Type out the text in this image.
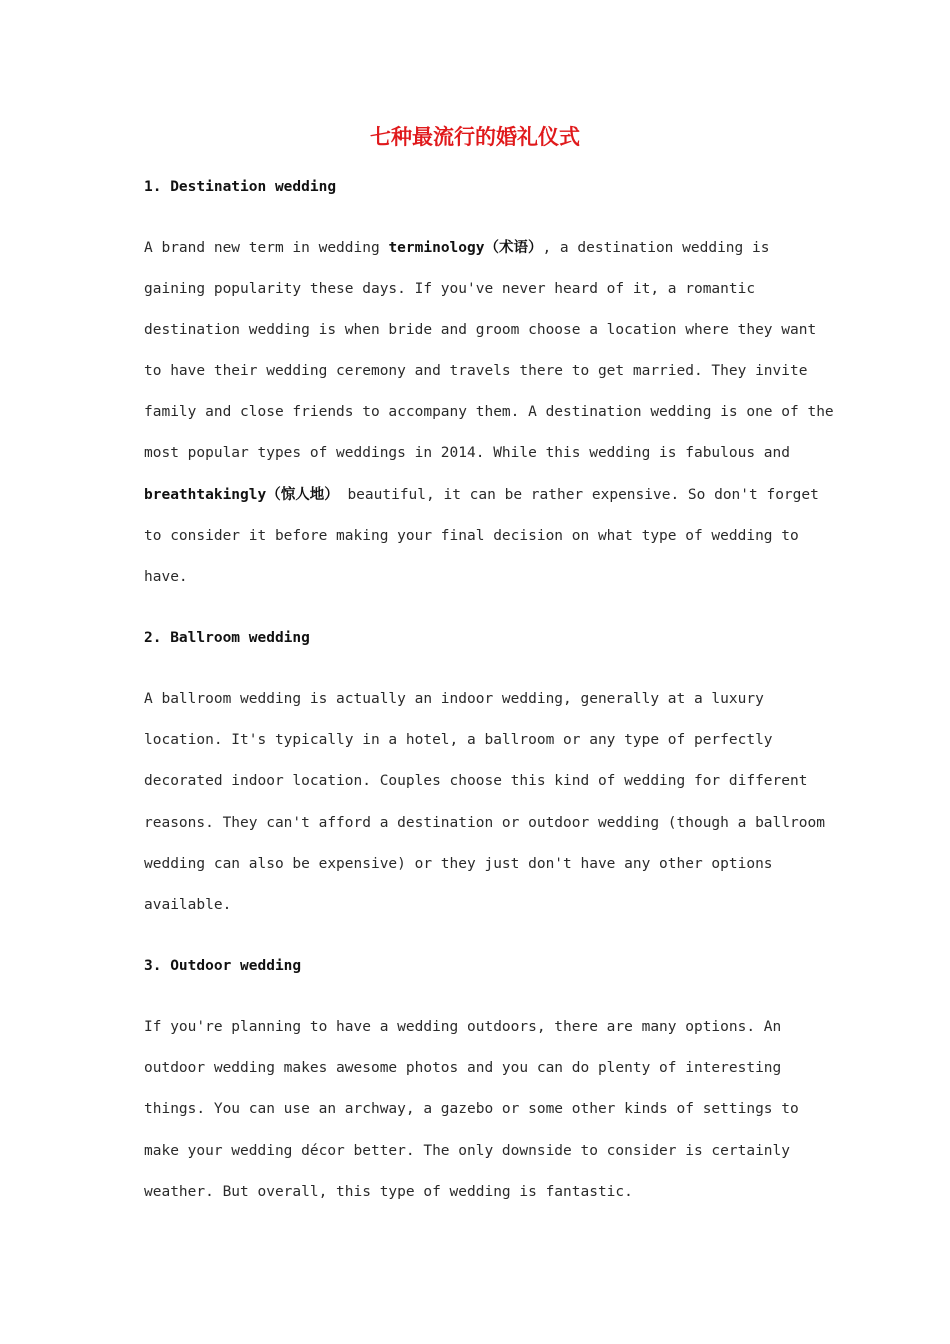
七种最流行的婚礼仪式
1. Destination wedding
A brand new term in wedding terminology（术语）, a destination wedding is
gaining popularity these days. If you've never heard of it, a romantic
destination wedding is when bride and groom choose a location where they want
to have their wedding ceremony and travels there to get married. They invite
family and close friends to accompany them. A destination wedding is one of the
most popular types of weddings in 2014. While this wedding is fabulous and
breathtakingly（惊人地） beautiful, it can be rather expensive. So don't forget
to consider it before making your final decision on what type of wedding to
have.
2. Ballroom wedding
A ballroom wedding is actually an indoor wedding, generally at a luxury
location. It's typically in a hotel, a ballroom or any type of perfectly
decorated indoor location. Couples choose this kind of wedding for different
reasons. They can't afford a destination or outdoor wedding (though a ballroom
wedding can also be expensive) or they just don't have any other options
available.
3. Outdoor wedding
If you're planning to have a wedding outdoors, there are many options. An
outdoor wedding makes awesome photos and you can do plenty of interesting
things. You can use an archway, a gazebo or some other kinds of settings to
make your wedding décor better. The only downside to consider is certainly
weather. But overall, this type of wedding is fantastic.
